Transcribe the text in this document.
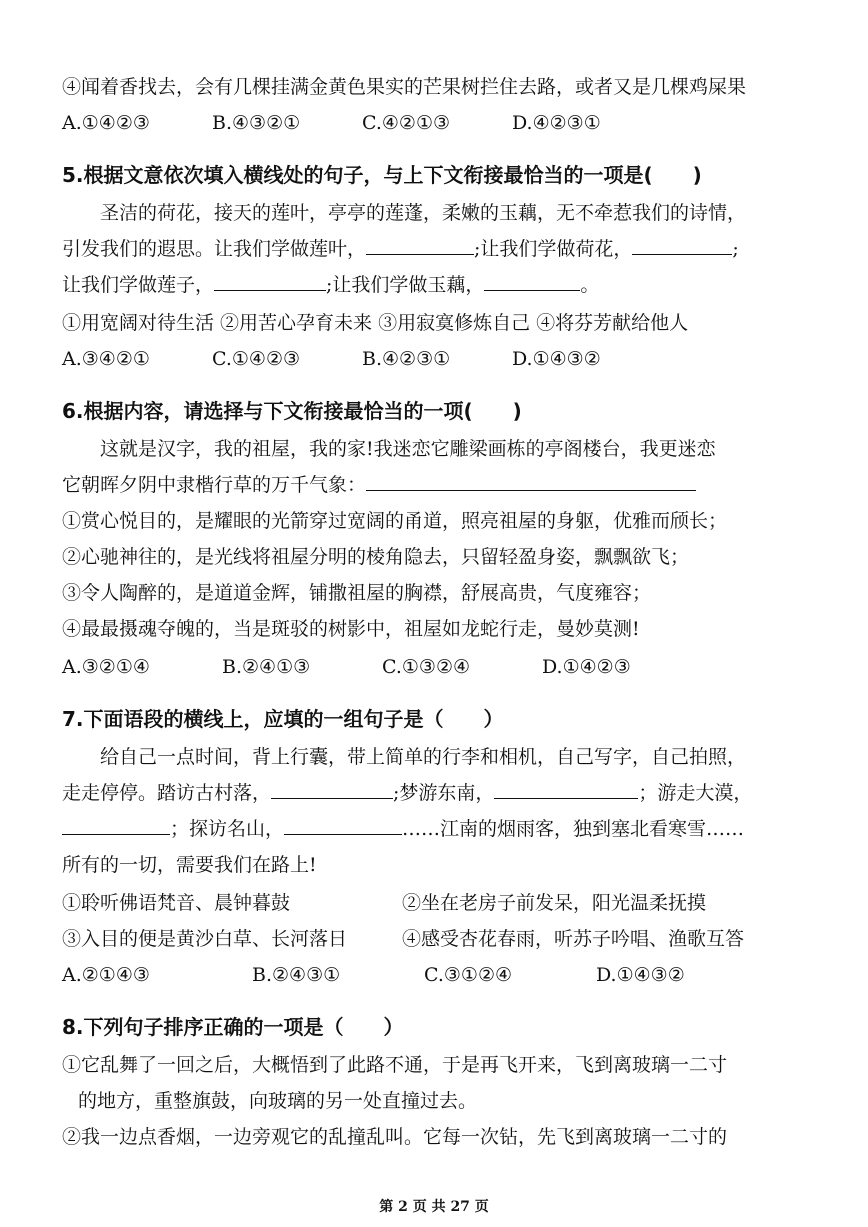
④闻着香找去，会有几棵挂满金黄色果实的芒果树拦住去路，或者又是几棵鸡屎果
A.①④②③	B.④③②①	C.④②①③	D.④②③①
5.根据文意依次填入横线处的句子，与上下文衔接最恰当的一项是(　　)
圣洁的荷花，接天的莲叶，亭亭的莲蓬，柔嫩的玉藕，无不牵惹我们的诗情，
引发我们的遐思。让我们学做莲叶，	;让我们学做荷花，	;
让我们学做莲子，	;让我们学做玉藕，	。
①用宽阔对待生活 ②用苦心孕育未来 ③用寂寞修炼自己 ④将芬芳献给他人
A.③④②①	C.①④②③	B.④②③①	D.①④③②
6.根据内容，请选择与下文衔接最恰当的一项(　　)
这就是汉字，我的祖屋，我的家!我迷恋它雕梁画栋的亭阁楼台，我更迷恋
它朝晖夕阴中隶楷行草的万千气象：
①赏心悦目的，是耀眼的光箭穿过宽阔的甬道，照亮祖屋的身躯，优雅而颀长；
②心驰神往的，是光线将祖屋分明的棱角隐去，只留轻盈身姿，飘飘欲飞；
③令人陶醉的，是道道金辉，铺撒祖屋的胸襟，舒展高贵，气度雍容；
④最最摄魂夺魄的，当是斑驳的树影中，祖屋如龙蛇行走，曼妙莫测!
A.③②①④	B.②④①③	C.①③②④	D.①④②③
7.下面语段的横线上，应填的一组句子是（　　）
给自己一点时间，背上行囊，带上简单的行李和相机，自己写字，自己拍照，
走走停停。踏访古村落，	;梦游东南，	；游走大漠，
；探访名山，	……江南的烟雨客，独到塞北看寒雪……
所有的一切，需要我们在路上!
①聆听佛语梵音、晨钟暮鼓	②坐在老房子前发呆，阳光温柔抚摸
③入目的便是黄沙白草、长河落日	④感受杏花春雨，听苏子吟唱、渔歌互答
A.②①④③	B.②④③①	C.③①②④	D.①④③②
8.下列句子排序正确的一项是（　　）
①它乱舞了一回之后，大概悟到了此路不通，于是再飞开来，飞到离玻璃一二寸
的地方，重整旗鼓，向玻璃的另一处直撞过去。
②我一边点香烟，一边旁观它的乱撞乱叫。它每一次钻，先飞到离玻璃一二寸的
第 2 页 共 27 页
